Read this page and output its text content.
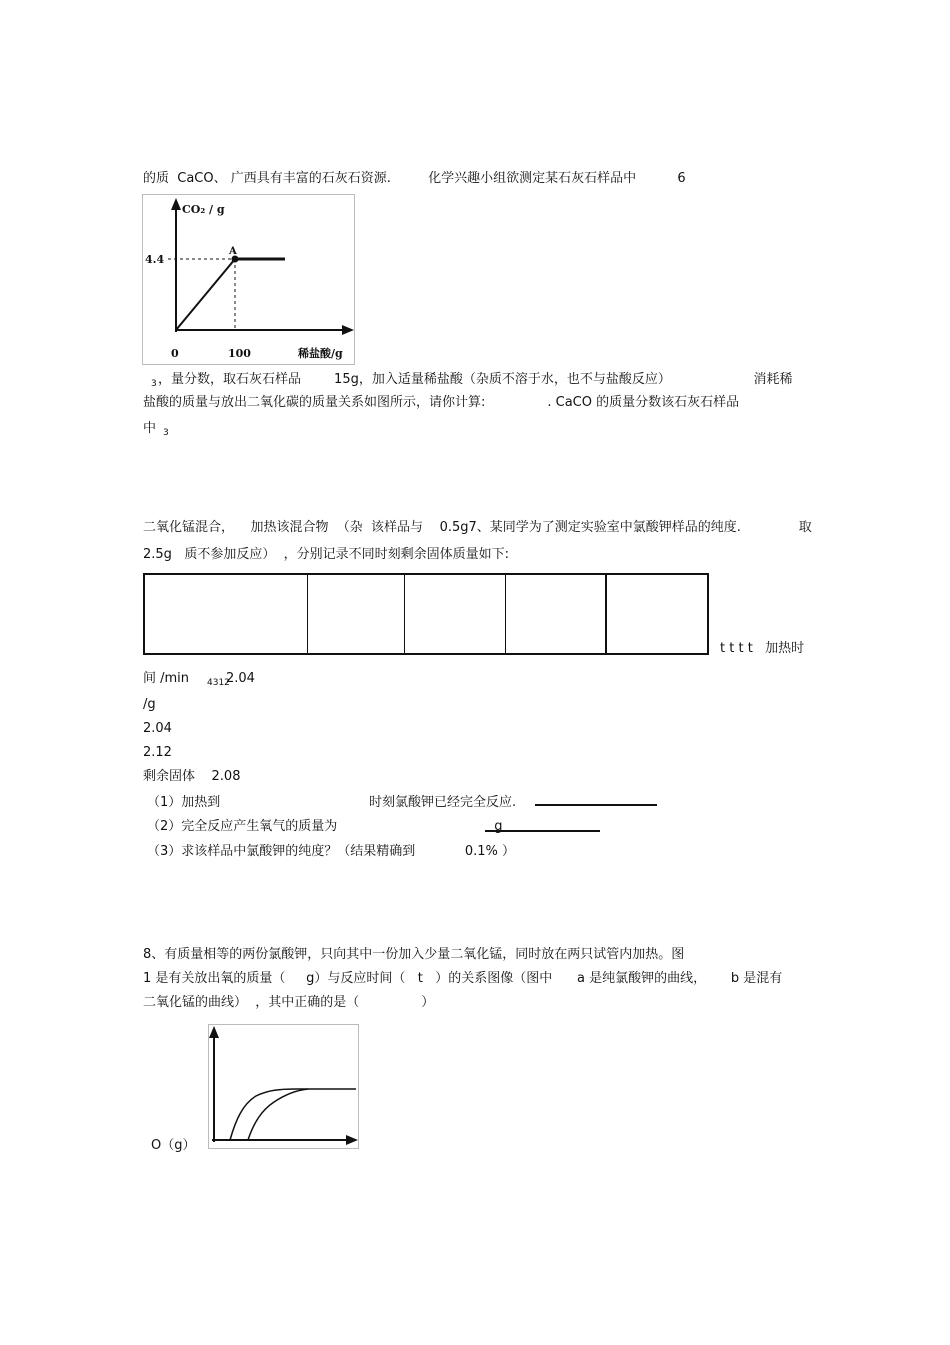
的质  CaCO、 广西具有丰富的石灰石资源.         化学兴趣小组欲测定某石灰石样品中          6
CO₂ / g
4.4
A
0	100	稀盐酸/g
3 ，量分数，取石灰石样品        15g，加入适量稀盐酸（杂质不溶于水，也不与盐酸反应）                    消耗稀
盐酸的质量与放出二氧化碳的质量关系如图所示，请你计算:               . CaCO 的质量分数该石灰石样品
中 3
二氧化锰混合，    加热该混合物  （杂  该样品与    0.5g7、某同学为了测定实验室中氯酸钾样品的纯度.              取
2.5g   质不参加反应）  ，分别记录不同时刻剩余固体质量如下:
t t t t   加热时
间 /min 4312
2.04
/g
2.04
2.12
剩余固体    2.08
（1）加热到                                    时刻氯酸钾已经完全反应.
（2）完全反应产生氧气的质量为                                      g
（3）求该样品中氯酸钾的纯度？（结果精确到            0.1% ）
8、有质量相等的两份氯酸钾，只向其中一份加入少量二氧化锰，同时放在两只试管内加热。图
1 是有关放出氧的质量（     g）与反应时间（   t   ）的关系图像（图中      a 是纯氯酸钾的曲线，      b 是混有
二氧化锰的曲线）  ，其中正确的是（               ）
O（g）
